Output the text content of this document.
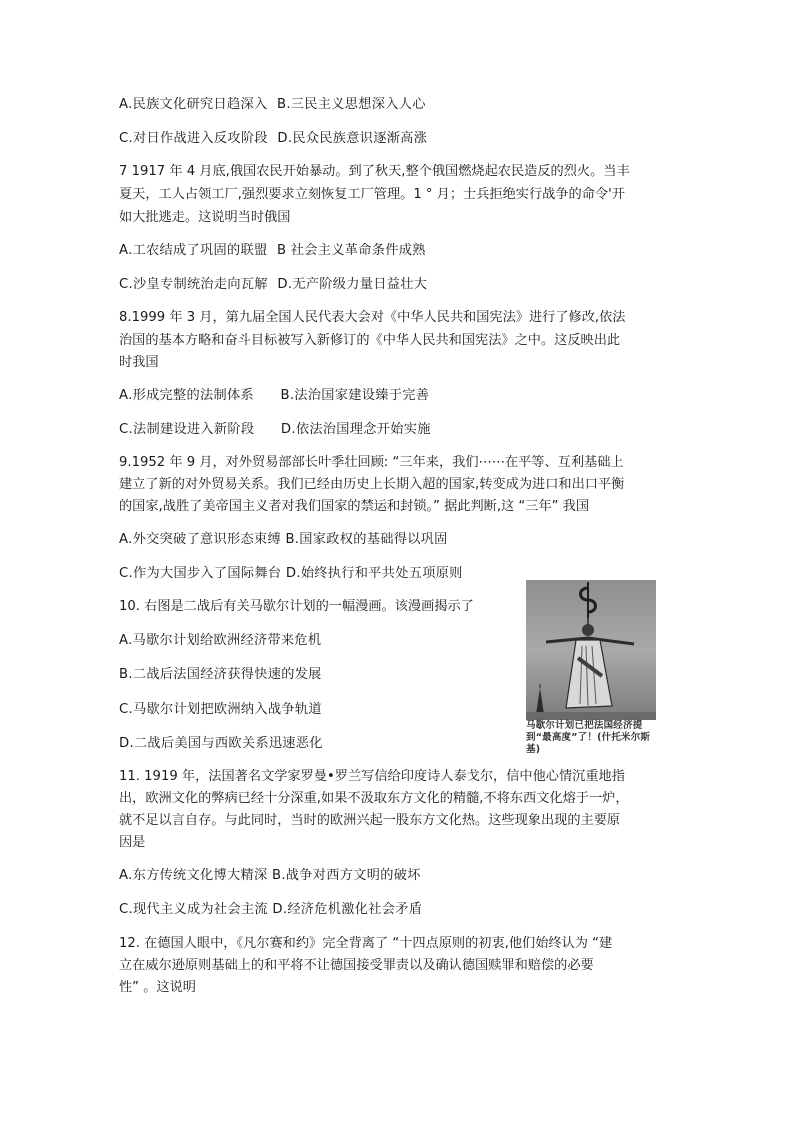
A.民族文化研究日趋深入 B.三民主义思想深入人心
C.对日作战进入反攻阶段 D.民众民族意识逐渐高涨
7 1917 年 4 月底,俄国农民开始暴动。到了秋天,整个俄国燃烧起农民造反的烈火。当丰
夏天，工人占领工厂,强烈要求立刻恢复工厂管理。1 ° 月；士兵拒绝实行战争的命令'开
如大批逃走。这说明当时俄国
A.工农结成了巩固的联盟 B 社会主义革命条件成熟
C.沙皇专制统治走向瓦解 D.无产阶级力量日益壮大
8.1999 年 3 月，第九届全国人民代表大会对《中华人民共和国宪法》进行了修改,依法
治国的基本方略和奋斗目标被写入新修订的《中华人民共和国宪法》之中。这反映出此
时我国
A.形成完整的法制体系 B.法治国家建设臻于完善
C.法制建设进入新阶段 D.依法治国理念开始实施
9.1952 年 9 月，对外贸易部部长叶季壮回顾: “三年来，我们⋯⋯在平等、互利基础上
建立了新的对外贸易关系。我们已经由历史上长期入超的国家,转变成为进口和出口平衡
的国家,战胜了美帝国主义者对我们国家的禁运和封锁。” 据此判断,这 “三年” 我国
A.外交突破了意识形态束缚 B.国家政权的基础得以巩固
C.作为大国步入了国际舞台 D.始终执行和平共处五项原则
10. 右图是二战后有关马歇尔计划的一幅漫画。该漫画揭示了
A.马歇尔计划给欧洲经济带来危机
B.二战后法国经济获得快速的发展
C.马歇尔计划把欧洲纳入战争轨道
D.二战后美国与西欧关系迅速恶化
马歇尔计划已把法国经济提到“最高度”了！(什托米尔斯基)
11. 1919 年，法国著名文学家罗曼•罗兰写信给印度诗人泰戈尔，信中他心情沉重地指
出，欧洲文化的弊病已经十分深重,如果不汲取东方文化的精髓,不将东西文化熔于一炉，
就不足以言自存。与此同时，当时的欧洲兴起一股东方文化热。这些现象出现的主要原
因是
A.东方传统文化博大精深 B.战争对西方文明的破坏
C.现代主义成为社会主流 D.经济危机激化社会矛盾
12. 在德国人眼中，《凡尔赛和约》完全背离了 “十四点原则的初衷,他们始终认为 “建
立在威尔逊原则基础上的和平将不让德国接受罪责以及确认德国赎罪和赔偿的必要
性” 。这说明
